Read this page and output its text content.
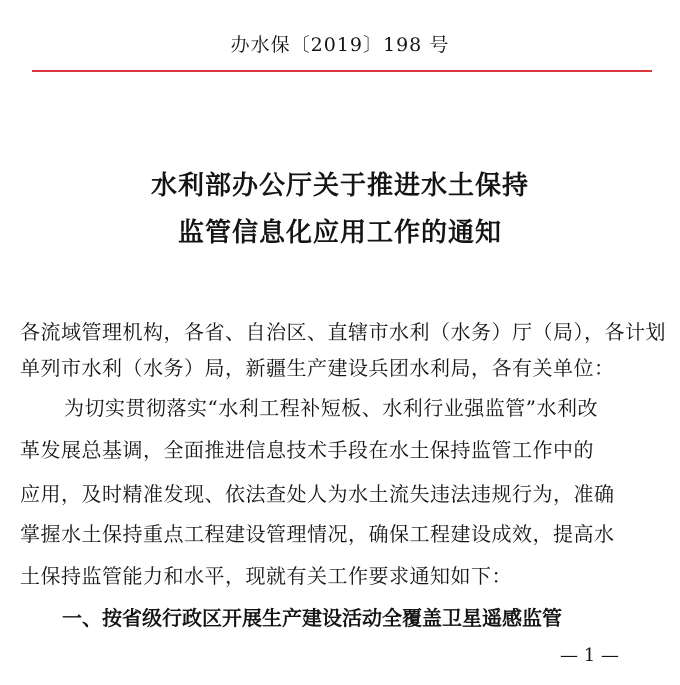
办水保〔2019〕198 号
水利部办公厅关于推进水土保持
监管信息化应用工作的通知
各流域管理机构，各省、自治区、直辖市水利（水务）厅（局），各计划
单列市水利（水务）局，新疆生产建设兵团水利局，各有关单位：
为切实贯彻落实“水利工程补短板、水利行业强监管”水利改
革发展总基调，全面推进信息技术手段在水土保持监管工作中的
应用，及时精准发现、依法查处人为水土流失违法违规行为，准确
掌握水土保持重点工程建设管理情况，确保工程建设成效，提高水
土保持监管能力和水平，现就有关工作要求通知如下：
一、按省级行政区开展生产建设活动全覆盖卫星遥感监管
— 1 —
